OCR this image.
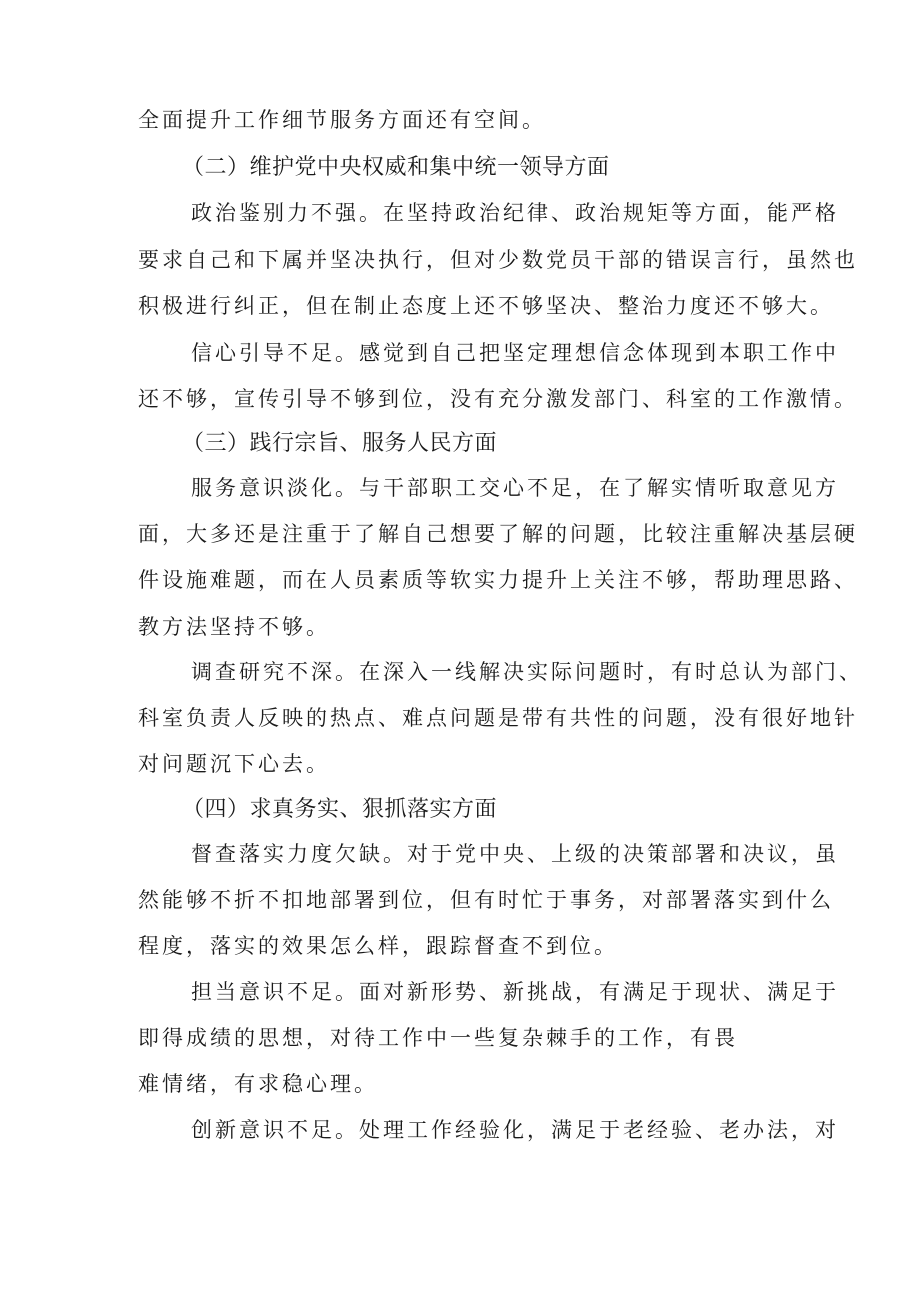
全面提升工作细节服务方面还有空间。
（二）维护党中央权威和集中统一领导方面
政治鉴别力不强。在坚持政治纪律、政治规矩等方面，能严格
要求自己和下属并坚决执行，但对少数党员干部的错误言行，虽然也
积极进行纠正，但在制止态度上还不够坚决、整治力度还不够大。
信心引导不足。感觉到自己把坚定理想信念体现到本职工作中
还不够，宣传引导不够到位，没有充分激发部门、科室的工作激情。
（三）践行宗旨、服务人民方面
服务意识淡化。与干部职工交心不足，在了解实情听取意见方
面，大多还是注重于了解自己想要了解的问题，比较注重解决基层硬
件设施难题，而在人员素质等软实力提升上关注不够，帮助理思路、
教方法坚持不够。
调查研究不深。在深入一线解决实际问题时，有时总认为部门、
科室负责人反映的热点、难点问题是带有共性的问题，没有很好地针
对问题沉下心去。
（四）求真务实、狠抓落实方面
督查落实力度欠缺。对于党中央、上级的决策部署和决议，虽
然能够不折不扣地部署到位，但有时忙于事务，对部署落实到什么
程度，落实的效果怎么样，跟踪督查不到位。
担当意识不足。面对新形势、新挑战，有满足于现状、满足于
即得成绩的思想，对待工作中一些复杂棘手的工作，有畏
难情绪，有求稳心理。
创新意识不足。处理工作经验化，满足于老经验、老办法，对
